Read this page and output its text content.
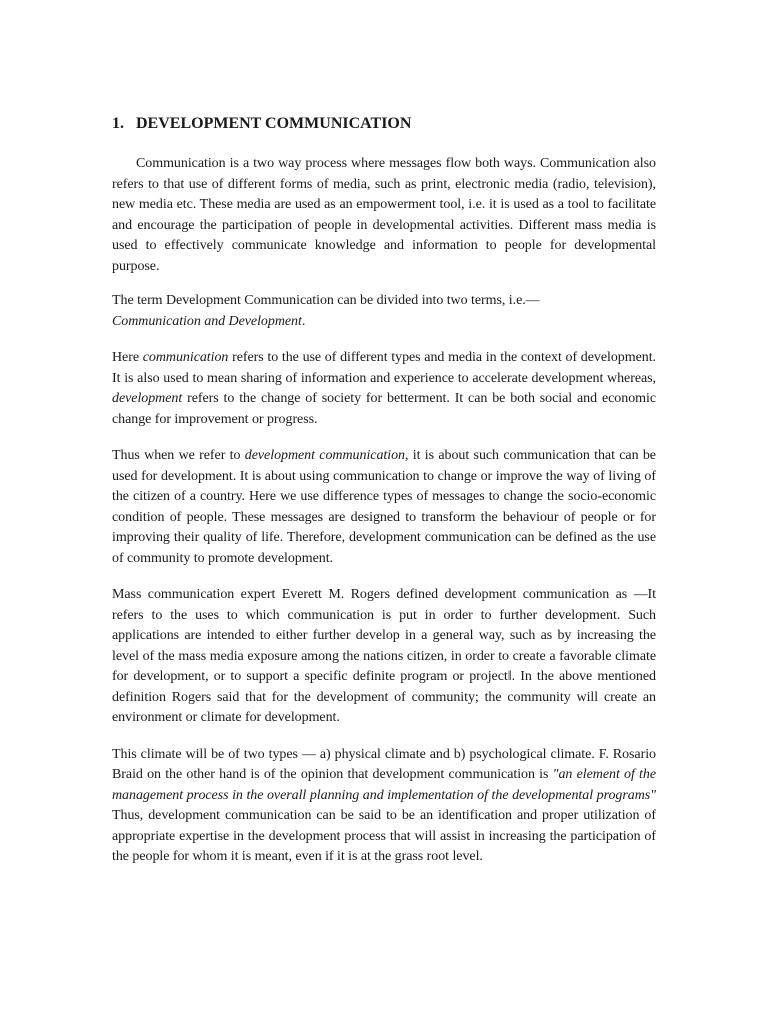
1. DEVELOPMENT COMMUNICATION

Communication is a two way process where messages flow both ways. Communication also refers to that use of different forms of media, such as print, electronic media (radio, television), new media etc. These media are used as an empowerment tool, i.e. it is used as a tool to facilitate and encourage the participation of people in developmental activities. Different mass media is used to effectively communicate knowledge and information to people for developmental purpose.

The term Development Communication can be divided into two terms, i.e.—
Communication and Development.

Here communication refers to the use of different types and media in the context of development. It is also used to mean sharing of information and experience to accelerate development whereas, development refers to the change of society for betterment. It can be both social and economic change for improvement or progress.

Thus when we refer to development communication, it is about such communication that can be used for development. It is about using communication to change or improve the way of living of the citizen of a country. Here we use difference types of messages to change the socio-economic condition of people. These messages are designed to transform the behaviour of people or for improving their quality of life. Therefore, development communication can be defined as the use of community to promote development.

Mass communication expert Everett M. Rogers defined development communication as ―It refers to the uses to which communication is put in order to further development. Such applications are intended to either further develop in a general way, such as by increasing the level of the mass media exposure among the nations citizen, in order to create a favorable climate for development, or to support a specific definite program or project‖. In the above mentioned definition Rogers said that for the development of community; the community will create an environment or climate for development.

This climate will be of two types — a) physical climate and b) psychological climate. F. Rosario Braid on the other hand is of the opinion that development communication is "an element of the management process in the overall planning and implementation of the developmental programs" Thus, development communication can be said to be an identification and proper utilization of appropriate expertise in the development process that will assist in increasing the participation of the people for whom it is meant, even if it is at the grass root level.
